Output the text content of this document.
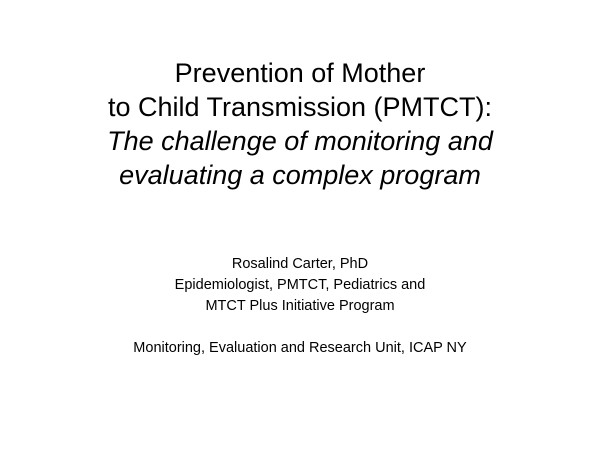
Prevention of Mother
to Child Transmission (PMTCT):
The challenge of monitoring and
evaluating a complex program
Rosalind Carter, PhD
Epidemiologist, PMTCT, Pediatrics and
MTCT Plus Initiative Program
Monitoring, Evaluation and Research Unit, ICAP NY
